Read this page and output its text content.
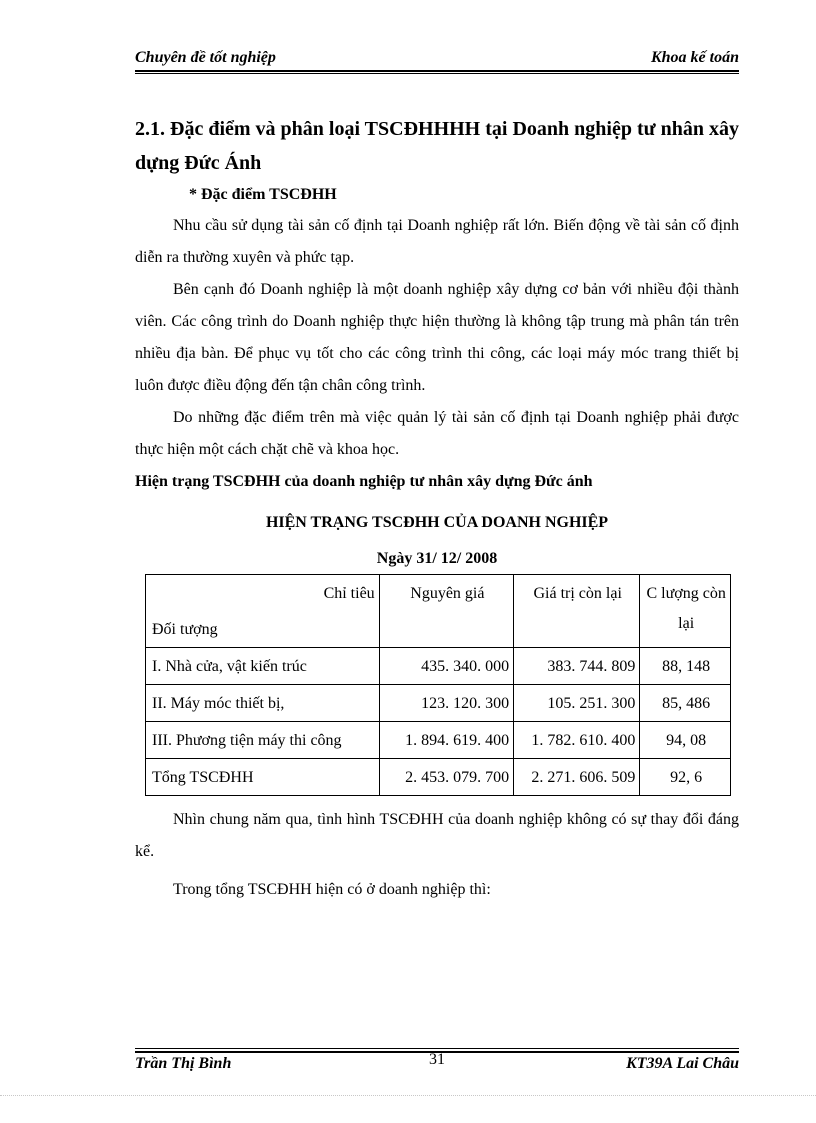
Chuyên đề tốt nghiệp	Khoa kế toán
2.1. Đặc điểm và phân loại TSCĐHHHH tại Doanh nghiệp tư nhân xây dựng Đức Ánh
* Đặc điểm TSCĐHH

Nhu cầu sử dụng tài sản cố định tại Doanh nghiệp rất lớn. Biến động về tài sản cố định diễn ra thường xuyên và phức tạp.

Bên cạnh đó Doanh nghiệp là một doanh nghiệp xây dựng cơ bản với nhiều đội thành viên. Các công trình do Doanh nghiệp thực hiện thường là không tập trung mà phân tán trên nhiều địa bàn. Để phục vụ tốt cho các công trình thi công, các loại máy móc trang thiết bị luôn được điều động đến tận chân công trình.

Do những đặc điểm trên mà việc quản lý tài sản cố định tại Doanh nghiệp phải được thực hiện một cách chặt chẽ và khoa học.

Hiện trạng TSCĐHH của doanh nghiệp tư nhân xây dựng Đức ánh
HIỆN TRẠNG TSCĐHH CỦA DOANH NGHIỆP
Ngày 31/ 12/ 2008
Chỉ tiêu
Đối tượng	Nguyên giá	Giá trị còn lại	C lượng còn lại
I. Nhà cửa, vật kiến trúc	435. 340. 000	383. 744. 809	88, 148
II. Máy móc thiết bị,	123. 120. 300	105. 251. 300	85, 486
III. Phương tiện máy thi công	1. 894. 619. 400	1. 782. 610. 400	94, 08
Tổng TSCĐHH	2. 453. 079. 700	2. 271. 606. 509	92, 6

Nhìn chung năm qua, tình hình TSCĐHH của doanh nghiệp không có sự thay đổi đáng kể.

Trong tổng TSCĐHH hiện có ở doanh nghiệp thì:

Trần Thị Bình	31	KT39A Lai Châu
